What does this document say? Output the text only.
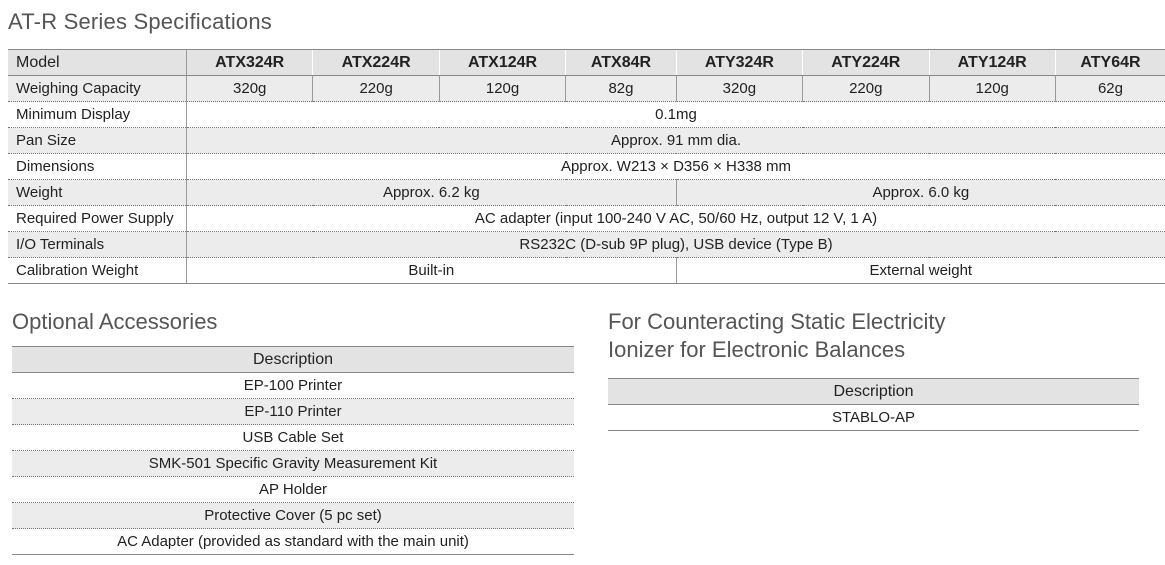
AT-R Series Specifications
Model	ATX324R	ATX224R	ATX124R	ATX84R	ATY324R	ATY224R	ATY124R	ATY64R
Weighing Capacity	320g	220g	120g	82g	320g	220g	120g	62g
Minimum Display	0.1mg							
Pan Size	Approx. 91 mm dia.							
Dimensions	Approx. W213 × D356 × H338 mm							
Weight	Approx. 6.2 kg				Approx. 6.0 kg			
Required Power Supply	AC adapter (input 100-240 V AC, 50/60 Hz, output 12 V, 1 A)							
I/O Terminals	RS232C (D-sub 9P plug), USB device (Type B)							
Calibration Weight	Built-in				External weight			
Optional Accessories
Description
EP-100 Printer
EP-110 Printer
USB Cable Set
SMK-501 Specific Gravity Measurement Kit
AP Holder
Protective Cover (5 pc set)
AC Adapter (provided as standard with the main unit)
For Counteracting Static Electricity
Ionizer for Electronic Balances
Description
STABLO-AP
